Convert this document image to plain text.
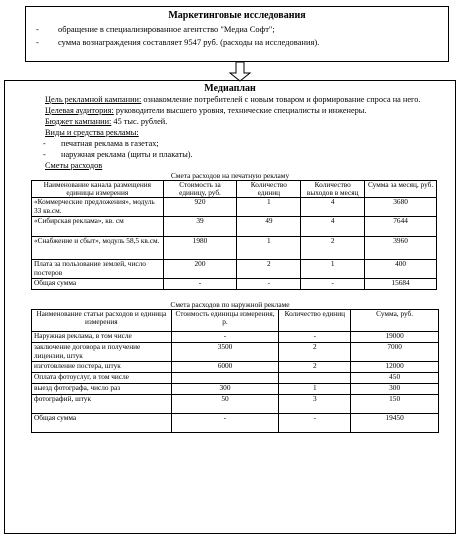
Маркетинговые исследования
- обращение в специализированное агентство "Медиа Софт";
- сумма вознаграждения составляет 9547 руб. (расходы на исследования).
Медиаплан

Цель рекламной кампании: ознакомление потребителей с новым товаром и формирование спроса на него.

Целевая аудитория: руководители высшего уровня, технические специалисты и инженеры.

Бюджет кампании: 45 тыс. рублей.

Виды и средства рекламы:

- печатная реклама в газетах;
- наружная реклама (щиты и плакаты).

Сметы расходов

Смета расходов на печатную рекламу

Наименование канала размещения единицы измерения	Стоимость за единицу, руб.	Количество единиц	Количество выходов в месяц	Сумма за месяц, руб.
«Коммерческие предложения», модуль 33 кв.см.	920	1	4	3680
«Сибирская реклама», кв. см	39	49	4	7644
«Снабжение и сбыт», модуль 58,5 кв.см.	1980	1	2	3960
Плата за пользование землей, число постеров	200	2	1	400
Общая сумма	-	-	-	15684

Смета расходов по наружной рекламе

Наименование статьи расходов и единица измерения	Стоимость единицы измерения, р.	Количество единиц	Сумма, руб.
Наружная реклама, в том числе	-	-	19000
заключение договора и получение лицензии, штук	3500	2	7000
изготовление постера, штук	6000	2	12000
Оплата фотоуслуг, в том числе			450
выезд фотографа, число раз	300	1	300
фотографий, штук	50	3	150
Общая сумма	-	-	19450
